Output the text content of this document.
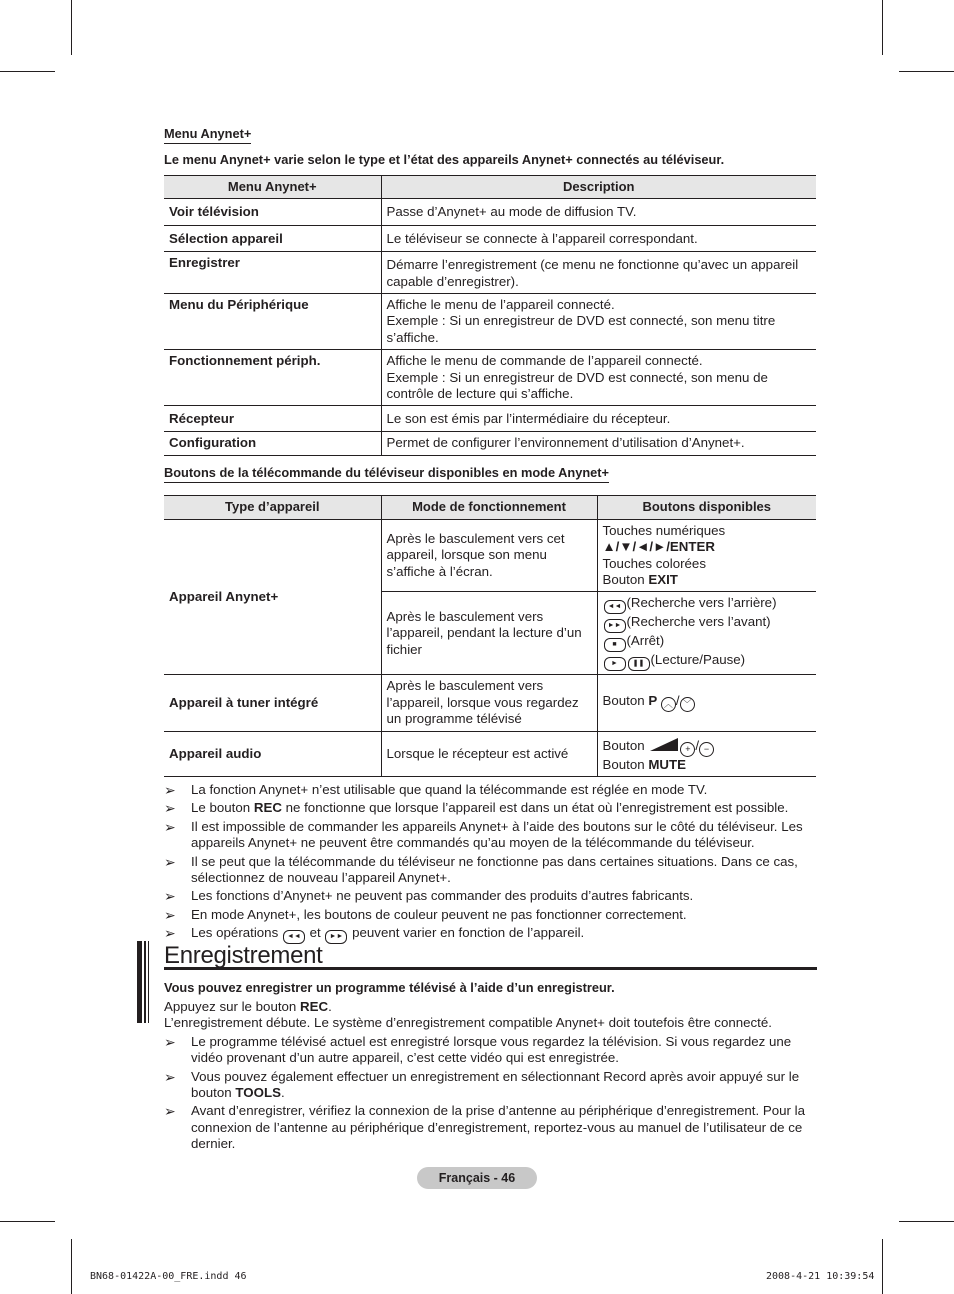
Menu Anynet+
Le menu Anynet+ varie selon le type et l’état des appareils Anynet+ connectés au téléviseur.
Menu Anynet+	Description
Voir télévision	Passe d’Anynet+ au mode de diffusion TV.
Sélection appareil	Le téléviseur se connecte à l’appareil correspondant.
Enregistrer	Démarre l’enregistrement (ce menu ne fonctionne qu’avec un appareil capable d’enregistrer).

Menu du Périphérique	Affiche le menu de l’appareil connecté.
Exemple : Si un enregistreur de DVD est connecté, son menu titre s’affiche.

Fonctionnement périph.	Affiche le menu de commande de l’appareil connecté.
Exemple : Si un enregistreur de DVD est connecté, son menu de contrôle de lecture qui s’affiche.

Récepteur	Le son est émis par l’intermédiaire du récepteur.
Configuration	Permet de configurer l’environnement d’utilisation d’Anynet+.
Boutons de la télécommande du téléviseur disponibles en mode Anynet+
Type d’appareil	Mode de fonctionnement	Boutons disponibles
Appareil Anynet+	Après le basculement vers cet appareil, lorsque son menu s’affiche à l’écran.	Touches numériques
▲/▼/◄/►/ENTER
Touches colorées
Bouton EXIT

	Après le basculement vers l’appareil, pendant la lecture d’un fichier	◄◄ (Recherche vers l’arrière)
►► (Recherche vers l’avant)
■ (Arrêt)
► ❚❚ (Lecture/Pause)

Appareil à tuner intégré	Après le basculement vers l’appareil, lorsque vous regardez un programme télévisé	Bouton P ︿ / ﹀
Appareil audio	Lorsque le récepteur est activé	Bouton + / −
Bouton MUTE
➢ La fonction Anynet+ n’est utilisable que quand la télécommande est réglée en mode TV.
➢ Le bouton REC ne fonctionne que lorsque l’appareil est dans un état où l’enregistrement est possible.
➢ Il est impossible de commander les appareils Anynet+ à l’aide des boutons sur le côté du téléviseur. Les appareils Anynet+ ne peuvent être commandés qu’au moyen de la télécommande du téléviseur.
➢ Il se peut que la télécommande du téléviseur ne fonctionne pas dans certaines situations. Dans ce cas, sélectionnez de nouveau l’appareil Anynet+.
➢ Les fonctions d’Anynet+ ne peuvent pas commander des produits d’autres fabricants.
➢ En mode Anynet+, les boutons de couleur peuvent ne pas fonctionner correctement.
➢ Les opérations ◄◄ et ►► peuvent varier en fonction de l’appareil.
Enregistrement
Vous pouvez enregistrer un programme télévisé à l’aide d’un enregistreur.
Appuyez sur le bouton REC.
L’enregistrement débute. Le système d’enregistrement compatible Anynet+ doit toutefois être connecté.
➢ Le programme télévisé actuel est enregistré lorsque vous regardez la télévision. Si vous regardez une vidéo provenant d’un autre appareil, c’est cette vidéo qui est enregistrée.
➢ Vous pouvez également effectuer un enregistrement en sélectionnant Record après avoir appuyé sur le bouton TOOLS.
➢ Avant d’enregistrer, vérifiez la connexion de la prise d’antenne au périphérique d’enregistrement. Pour la connexion de l’antenne au périphérique d’enregistrement, reportez-vous au manuel de l’utilisateur de ce dernier.
Français - 46
BN68-01422A-00_FRE.indd 46	2008-4-21 10:39:54
